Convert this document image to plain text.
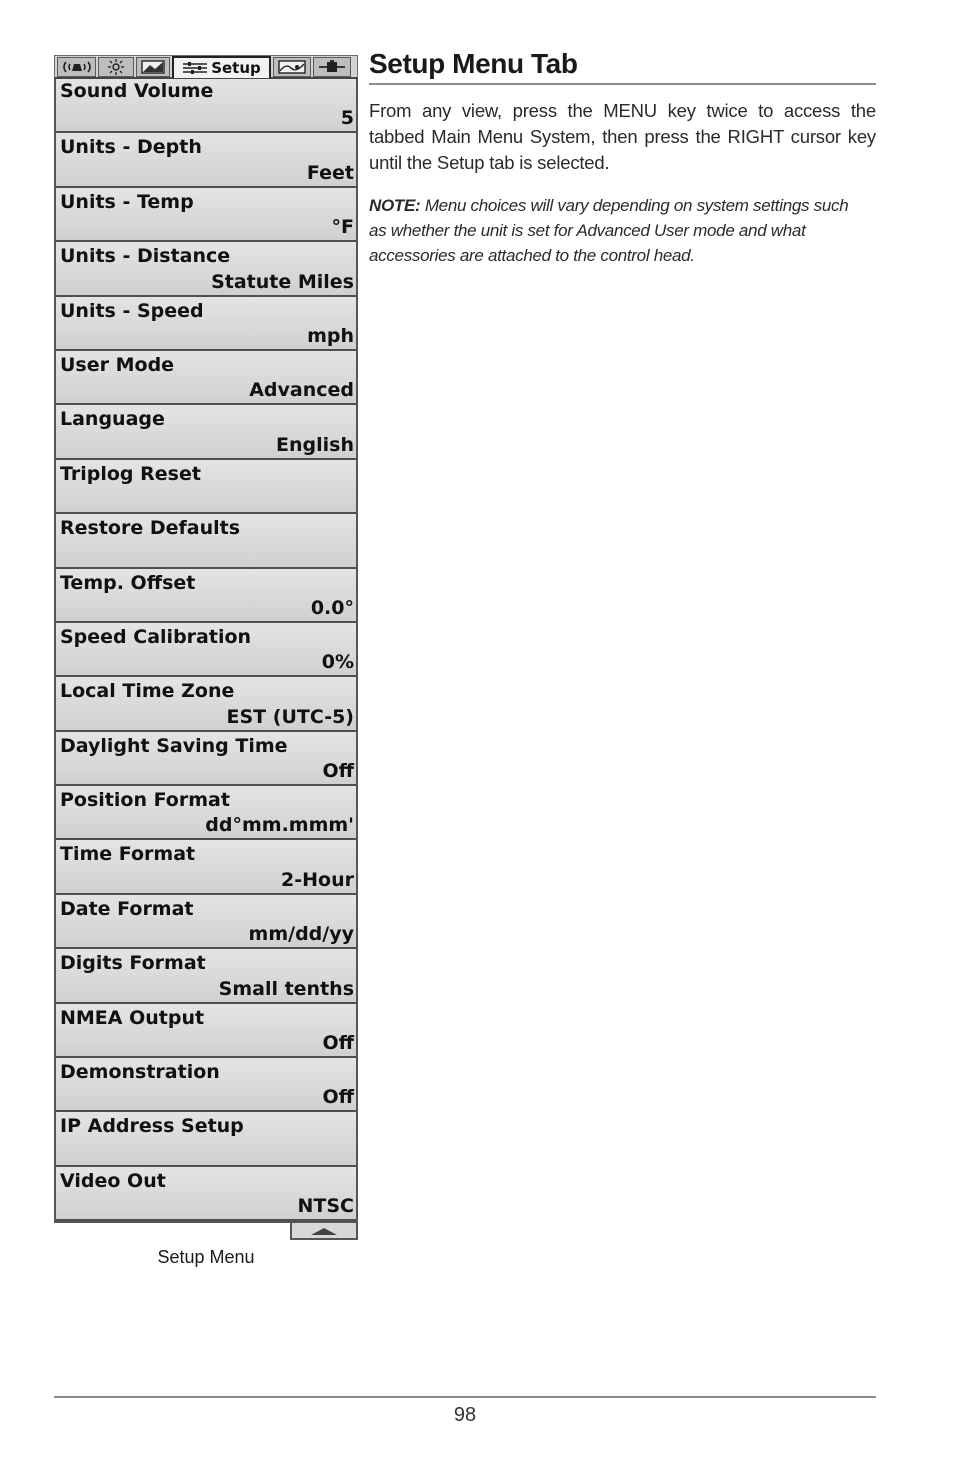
Setup
Sound Volume
5
Units - Depth
Feet
Units - Temp
°F
Units - Distance
Statute Miles
Units - Speed
mph
User Mode
Advanced
Language
English
Triplog Reset
Restore Defaults
Temp. Offset
0.0°
Speed Calibration
0%
Local Time Zone
EST (UTC-5)
Daylight Saving Time
Off
Position Format
dd°mm.mmm'
Time Format
2-Hour
Date Format
mm/dd/yy
Digits Format
Small tenths
NMEA Output
Off
Demonstration
Off
IP Address Setup
Video Out
NTSC
Setup Menu
Setup Menu Tab

From any view, press the MENU key twice to access the tabbed Main Menu System, then press the RIGHT cursor key until the Setup tab is selected.

NOTE: Menu choices will vary depending on system settings such as whether the unit is set for Advanced User mode and what accessories are attached to the control head.

98
